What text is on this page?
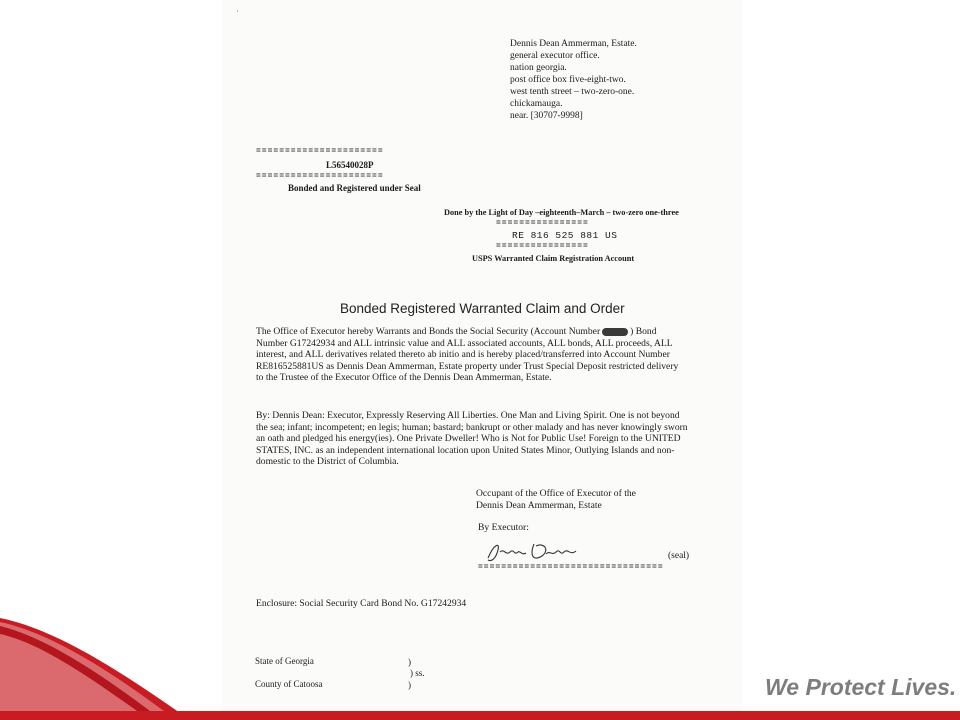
·
Dennis Dean Ammerman, Estate.
general executor office.
nation georgia.
post office box five-eight-two.
west tenth street – two-zero-one.
chickamauga.
near. [30707-9998]
======================
L56540028P
======================
Bonded and Registered under Seal
Done by the Light of Day –eighteenth–March – two-zero one-three
================
RE 816 525 881 US
================
USPS Warranted Claim Registration Account
Bonded Registered Warranted Claim and Order
The Office of Executor hereby Warrants and Bonds the Social Security (Account Number	) Bond Number G17242934 and ALL intrinsic value and ALL associated accounts, ALL bonds, ALL proceeds, ALL interest, and ALL derivatives related thereto ab initio and is hereby placed/transferred into Account Number RE816525881US as Dennis Dean Ammerman, Estate property under Trust Special Deposit restricted delivery to the Trustee of the Executor Office of the Dennis Dean Ammerman, Estate.
By: Dennis Dean: Executor, Expressly Reserving All Liberties. One Man and Living Spirit. One is not beyond the sea; infant; incompetent; en legis; human; bastard; bankrupt or other malady and has never knowingly sworn an oath and pledged his energy(ies). One Private Dweller! Who is Not for Public Use! Foreign to the UNITED STATES, INC. as an independent international location upon United States Minor, Outlying Islands and non-domestic to the District of Columbia.
Occupant of the Office of Executor of the
Dennis Dean Ammerman, Estate
By Executor:
(seal)
================================
Enclosure: Social Security Card Bond No. G17242934
State of Georgia
County of Catoosa
)
) ss.
)	We Protect Lives.
